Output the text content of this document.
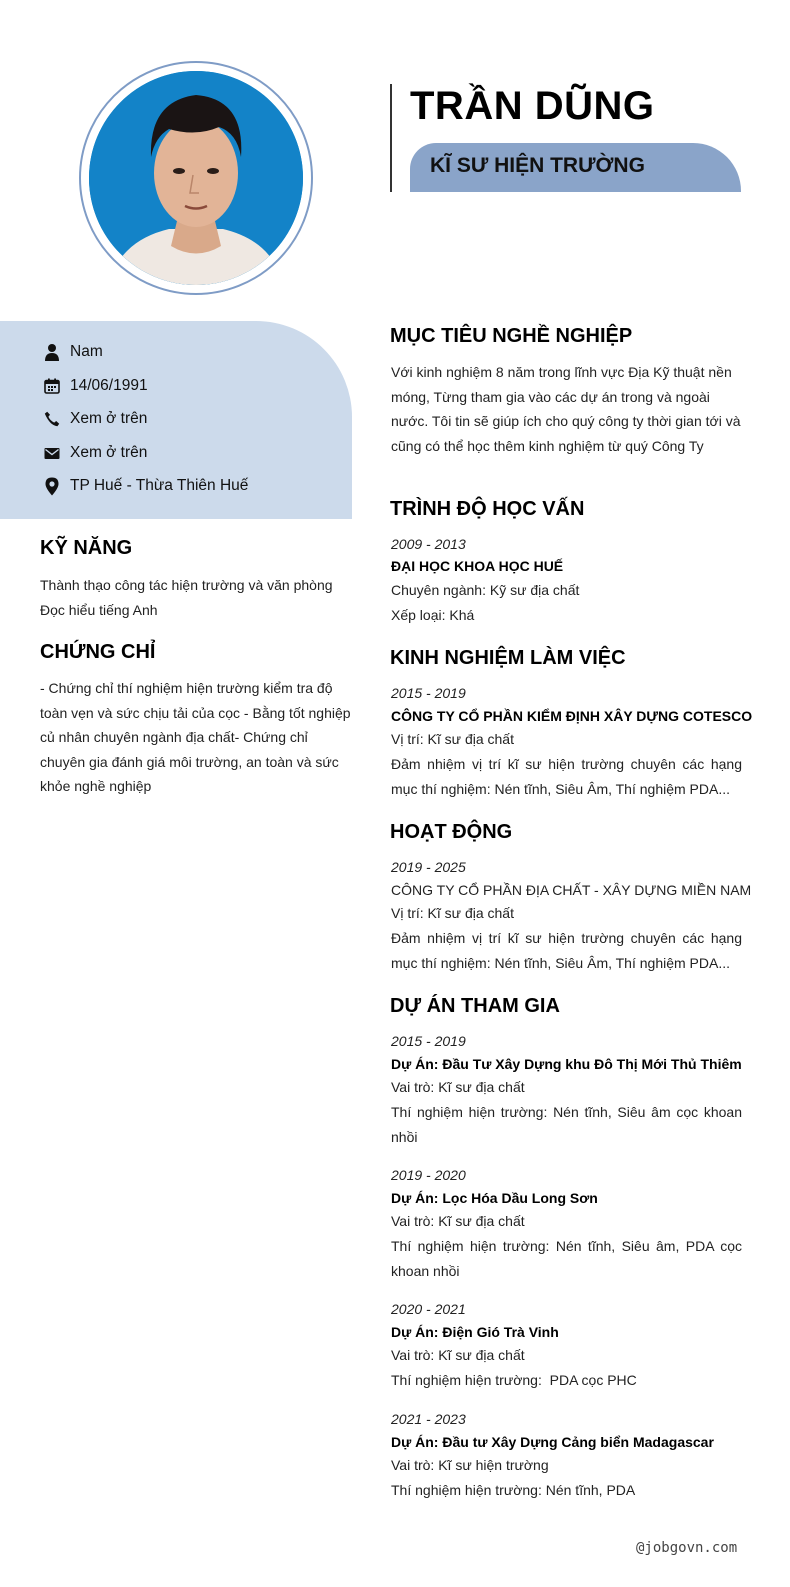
TRẦN DŨNG
KĨ SƯ HIỆN TRƯỜNG
Nam
14/06/1991
Xem ở trên
Xem ở trên
TP Huế - Thừa Thiên Huế
KỸ NĂNG
Thành thạo công tác hiện trường và văn phòng
Đọc hiểu tiếng Anh
CHỨNG CHỈ
- Chứng chỉ thí nghiệm hiện trường kiểm tra độ toàn vẹn và sức chịu tải của cọc - Bằng tốt nghiệp củ nhân chuyên ngành địa chất- Chứng chỉ chuyên gia đánh giá môi trường, an toàn và sức khỏe nghề nghiệp
MỤC TIÊU NGHỀ NGHIỆP
Với kinh nghiệm 8 năm trong lĩnh vực Địa Kỹ thuật nền móng, Từng tham gia vào các dự án trong và ngoài nước. Tôi tin sẽ giúp ích cho quý công ty thời gian tới và cũng có thể học thêm kinh nghiệm từ quý Công Ty
TRÌNH ĐỘ HỌC VẤN
2009 - 2013
ĐẠI HỌC KHOA HỌC HUẾ
Chuyên ngành: Kỹ sư địa chất
Xếp loại: Khá
KINH NGHIỆM LÀM VIỆC
2015 - 2019
CÔNG TY CỔ PHẦN KIỂM ĐỊNH XÂY DỰNG COTESCO
Vị trí: Kĩ sư địa chất
Đảm nhiệm vị trí kĩ sư hiện trường chuyên các hạng mục thí nghiệm: Nén tĩnh, Siêu Âm, Thí nghiệm PDA...
HOẠT ĐỘNG
2019 - 2025
CÔNG TY CỔ PHẦN ĐỊA CHẤT - XÂY DỰNG MIỀN NAM
Vị trí: Kĩ sư địa chất
Đảm nhiệm vị trí kĩ sư hiện trường chuyên các hạng mục thí nghiệm: Nén tĩnh, Siêu Âm, Thí nghiệm PDA...
DỰ ÁN THAM GIA
2015 - 2019
Dự Án: Đầu Tư Xây Dựng khu Đô Thị Mới Thủ Thiêm
Vai trò: Kĩ sư địa chất
Thí nghiệm hiện trường: Nén tĩnh, Siêu âm cọc khoan nhồi
2019 - 2020
Dự Án: Lọc Hóa Dầu Long Sơn
Vai trò: Kĩ sư địa chất
Thí nghiệm hiện trường: Nén tĩnh, Siêu âm, PDA cọc khoan nhồi
2020 - 2021
Dự Án: Điện Gió Trà Vinh
Vai trò: Kĩ sư địa chất
Thí nghiệm hiện trường:  PDA cọc PHC
2021 - 2023
Dự Án: Đầu tư Xây Dựng Cảng biển Madagascar
Vai trò: Kĩ sư hiện trường
Thí nghiệm hiện trường: Nén tĩnh, PDA
@jobgovn.com
